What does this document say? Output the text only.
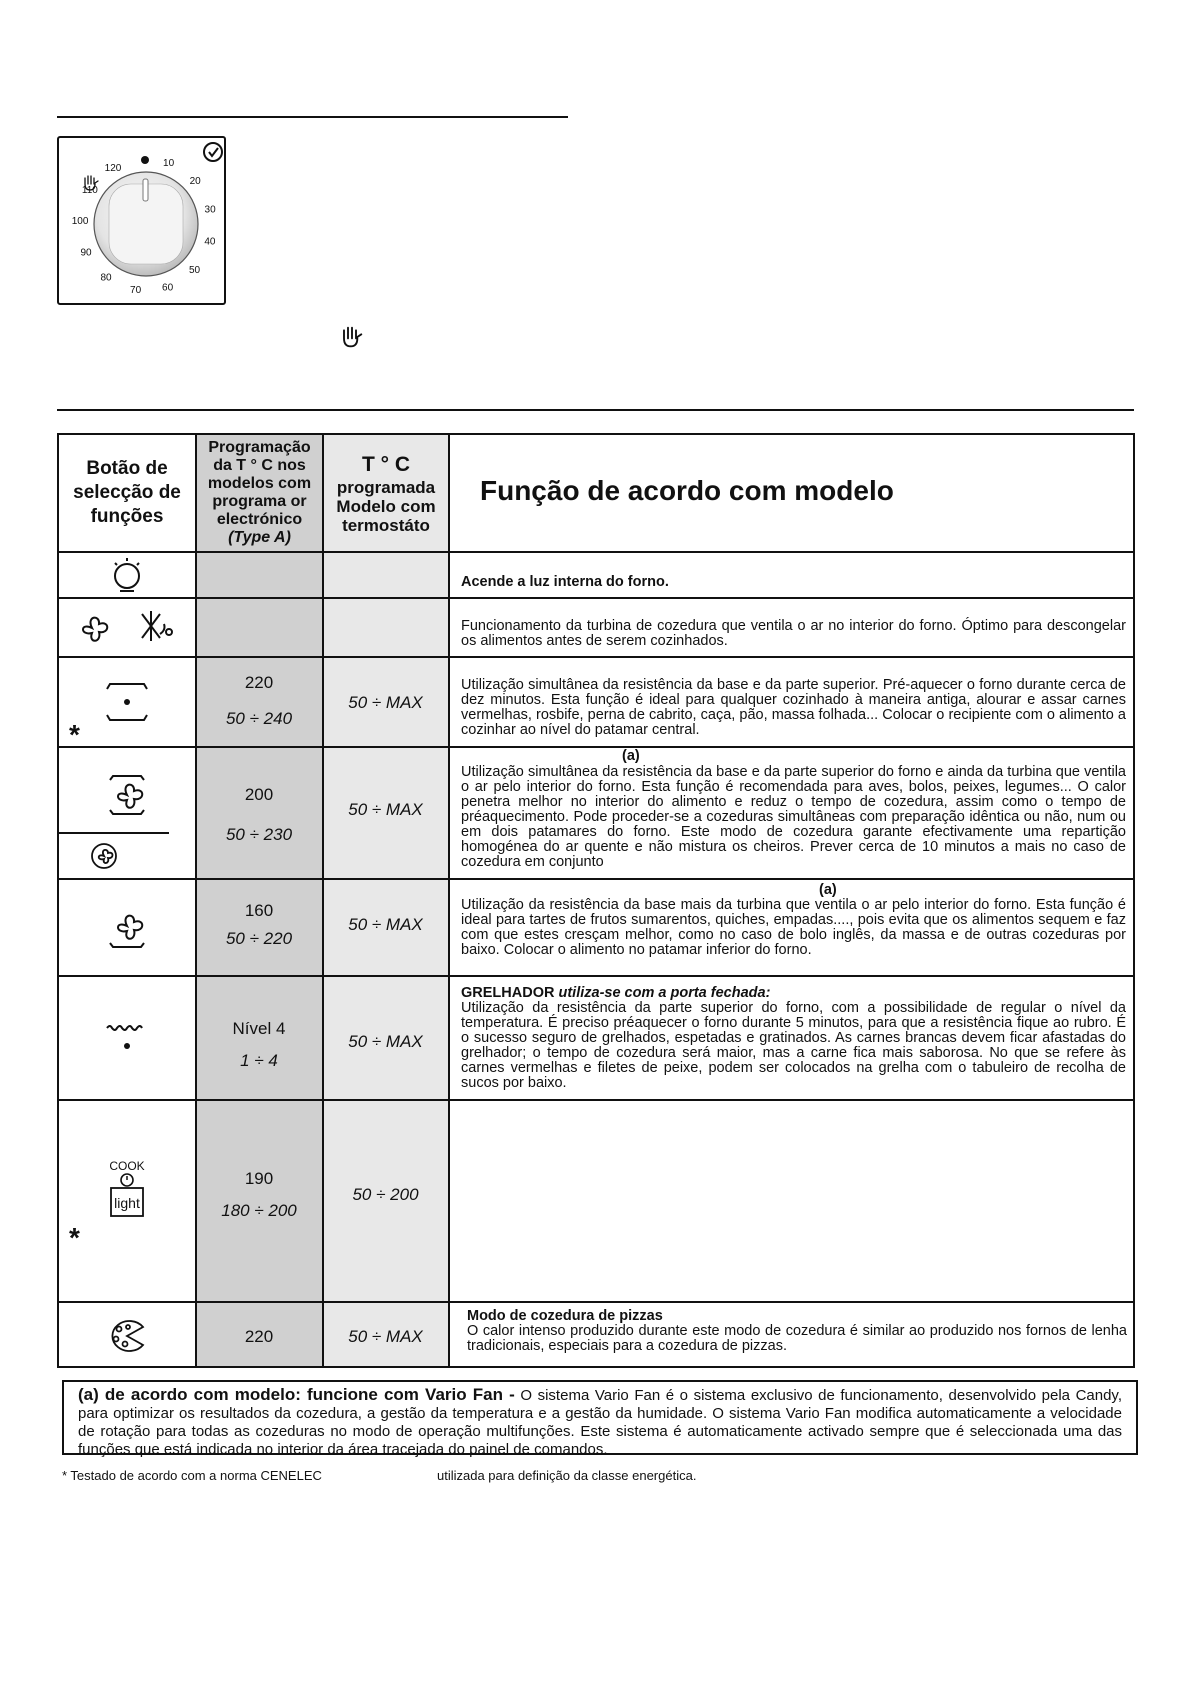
10
20
30
40
50
60
70
80
90
100
110
120
Botão de selecção de funções
Programação da T ° C nos modelos com programa or electrónico
(Type A)
T ° C
programada Modelo com termostáto
Função de acordo com modelo
Acende a luz interna do forno.
Funcionamento da turbina de cozedura que ventila o ar no interior do forno. Óptimo para descongelar os alimentos antes de serem cozinhados.
*
220
50 ÷ 240
50 ÷ MAX
Utilização simultânea da resistência da base e da parte superior. Pré-aquecer o forno durante cerca de dez minutos. Esta função é ideal para qualquer cozinhado à maneira antiga, alourar e assar carnes vermelhas, rosbife, perna de cabrito, caça, pão, massa folhada... Colocar o recipiente com o alimento a cozinhar ao nível do patamar central.
200
50 ÷ 230
50 ÷ MAX
(a)
Utilização simultânea da resistência da base e da parte superior do forno e ainda da turbina que ventila o ar pelo interior do forno. Esta função é recomendada para aves, bolos, peixes, legumes... O calor penetra melhor no interior do alimento e reduz o tempo de cozedura, assim como o tempo de préaquecimento. Pode proceder-se a cozeduras simultâneas com preparação idêntica ou não, num ou em dois patamares do forno. Este modo de cozedura garante efectivamente uma repartição homogénea do ar quente e não mistura os cheiros. Prever cerca de 10 minutos a mais no caso de cozedura em conjunto
160
50 ÷ 220
50 ÷ MAX
(a)
Utilização da resistência da base mais da turbina que ventila o ar pelo interior do forno. Esta função é ideal para tartes de frutos sumarentos, quiches, empadas...., pois evita que os alimentos sequem e faz com que estes cresçam melhor, como no caso de bolo inglês, da massa e de outras cozeduras por baixo. Colocar o alimento no patamar inferior do forno.
Nível 4
1 ÷ 4
50 ÷ MAX
GRELHADOR utiliza-se com a porta fechada:
Utilização da resistência da parte superior do forno, com a possibilidade de regular o nível da temperatura. É preciso préaquecer o forno durante 5 minutos, para que a resistência fique ao rubro. É o sucesso seguro de grelhados, espetadas e gratinados. As carnes brancas devem ficar afastadas do grelhador; o tempo de cozedura será maior, mas a carne fica mais saborosa. No que se refere às carnes vermelhas e filetes de peixe, podem ser colocados na grelha com o tabuleiro de recolha de sucos por baixo.
COOK
light
*
190
180 ÷ 200
50 ÷ 200
220	50 ÷ MAX
Modo de cozedura de pizzas
O calor intenso produzido durante este modo de cozedura é similar ao produzido nos fornos de lenha tradicionais, especiais para a cozedura de pizzas.
(a) de acordo com modelo: funcione com Vario Fan - O sistema Vario Fan é o sistema exclusivo de funcionamento, desenvolvido pela Candy, para optimizar os resultados da cozedura, a gestão da temperatura e a gestão da humidade. O sistema Vario Fan modifica automaticamente a velocidade de rotação para todas as cozeduras no modo de operação multifunções. Este sistema é automaticamente activado sempre que é seleccionada uma das funções que está indicada no interior da área tracejada do painel de comandos.
* Testado de acordo com a norma CENELEC	utilizada para definição da classe energética.
